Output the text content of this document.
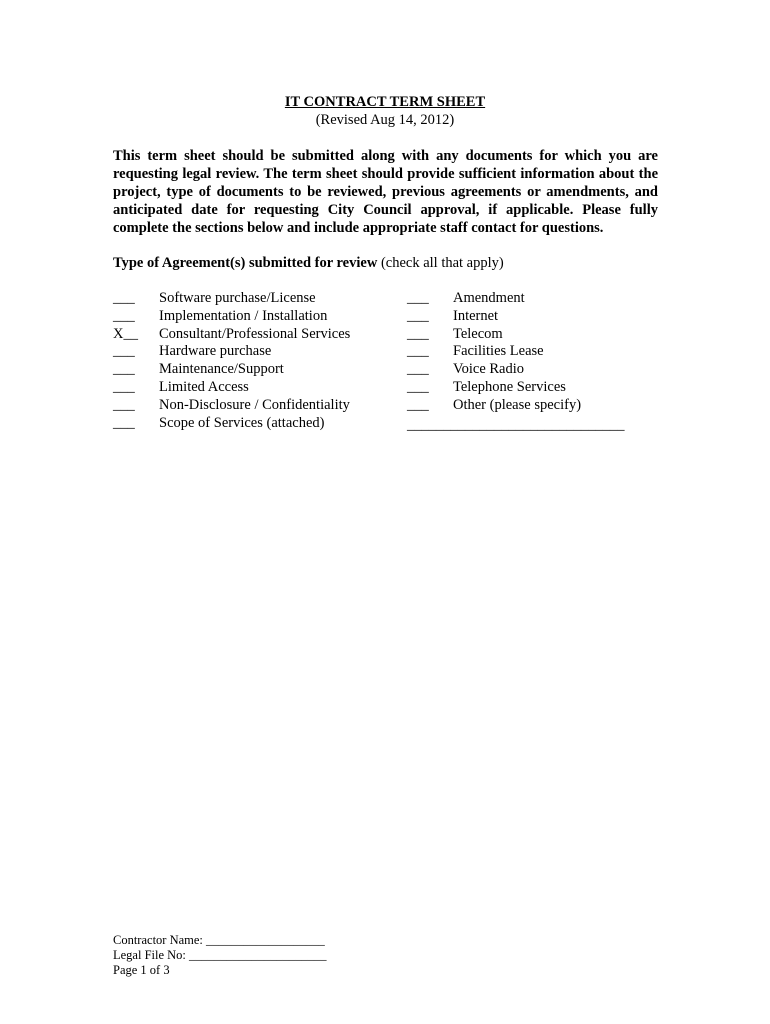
IT CONTRACT TERM SHEET
(Revised Aug 14, 2012)
This term sheet should be submitted along with any documents for which you are requesting legal review. The term sheet should provide sufficient information about the project, type of documents to be reviewed, previous agreements or amendments, and anticipated date for requesting City Council approval, if applicable. Please fully complete the sections below and include appropriate staff contact for questions.
Type of Agreement(s) submitted for review (check all that apply)
___	Software purchase/License
___	Implementation / Installation
X__	Consultant/Professional Services
___	Hardware purchase
___	Maintenance/Support
___	Limited Access
___	Non-Disclosure / Confidentiality
___	Scope of Services (attached)
___	Amendment
___	Internet
___	Telecom
___	Facilities Lease
___	Voice Radio
___	Telephone Services
___	Other (please specify)
______________________________
Contractor Name: ___________________
Legal File No: ______________________
Page 1 of 3
